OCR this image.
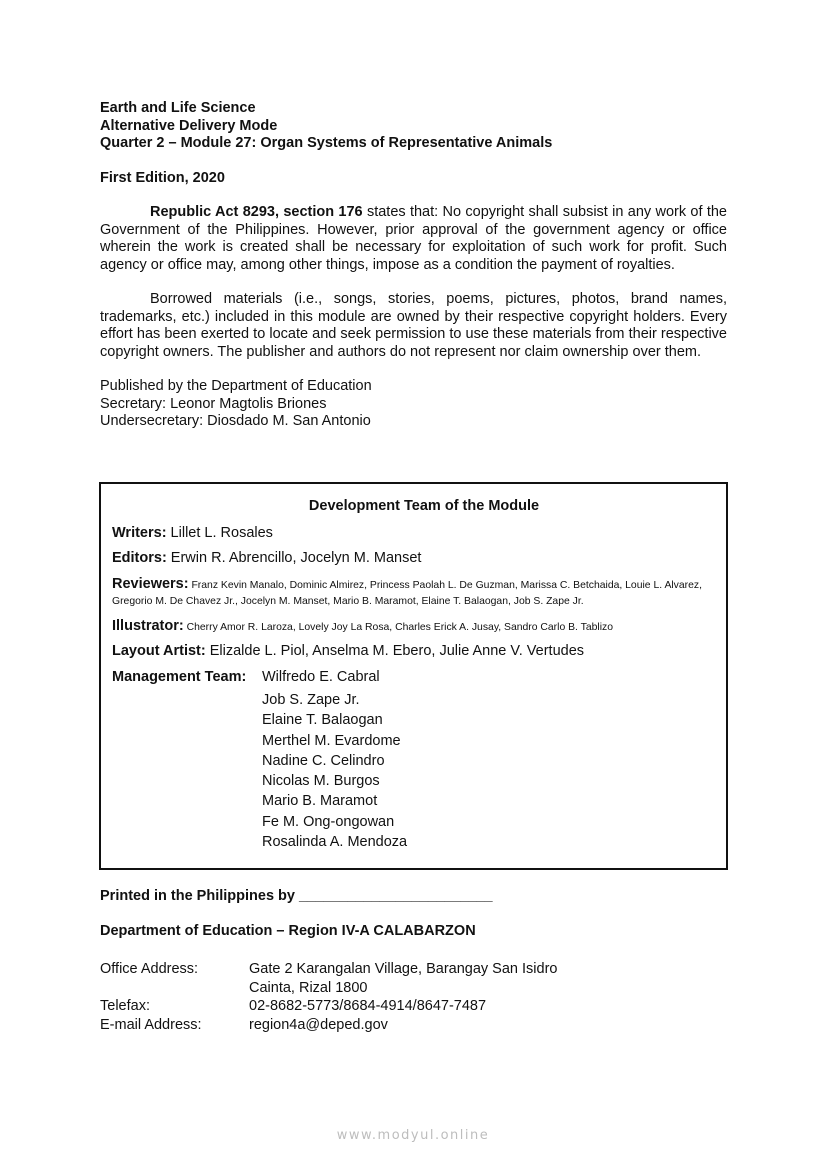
Earth and Life Science
Alternative Delivery Mode
Quarter 2 – Module 27: Organ Systems of Representative Animals
First Edition, 2020

Republic Act 8293, section 176 states that: No copyright shall subsist in any work of the Government of the Philippines. However, prior approval of the government agency or office wherein the work is created shall be necessary for exploitation of such work for profit. Such agency or office may, among other things, impose as a condition the payment of royalties.

Borrowed materials (i.e., songs, stories, poems, pictures, photos, brand names, trademarks, etc.) included in this module are owned by their respective copyright holders. Every effort has been exerted to locate and seek permission to use these materials from their respective copyright owners. The publisher and authors do not represent nor claim ownership over them.

Published by the Department of Education
Secretary: Leonor Magtolis Briones
Undersecretary: Diosdado M. San Antonio
Development Team of the Module
Writers: Lillet L. Rosales
Editors: Erwin R. Abrencillo, Jocelyn M. Manset
Reviewers: Franz Kevin Manalo, Dominic Almirez, Princess Paolah L. De Guzman, Marissa C. Betchaida, Louie L. Alvarez, Gregorio M. De Chavez Jr., Jocelyn M. Manset, Mario B. Maramot, Elaine T. Balaogan, Job S. Zape Jr.
Illustrator: Cherry Amor R. Laroza, Lovely Joy La Rosa, Charles Erick A. Jusay, Sandro Carlo B. Tablizo
Layout Artist: Elizalde L. Piol, Anselma M. Ebero, Julie Anne V. Vertudes
Management Team:	Wilfredo E. Cabral
Job S. Zape Jr.
Elaine T. Balaogan
Merthel M. Evardome
Nadine C. Celindro
Nicolas M. Burgos
Mario B. Maramot
Fe M. Ong-ongowan
Rosalinda A. Mendoza
Printed in the Philippines by ________________________
Department of Education – Region IV-A CALABARZON
Office Address:	Gate 2 Karangalan Village, Barangay San Isidro
Cainta, Rizal 1800
Telefax:	02-8682-5773/8684-4914/8647-7487
E-mail Address:	region4a@deped.gov
www.modyul.online
